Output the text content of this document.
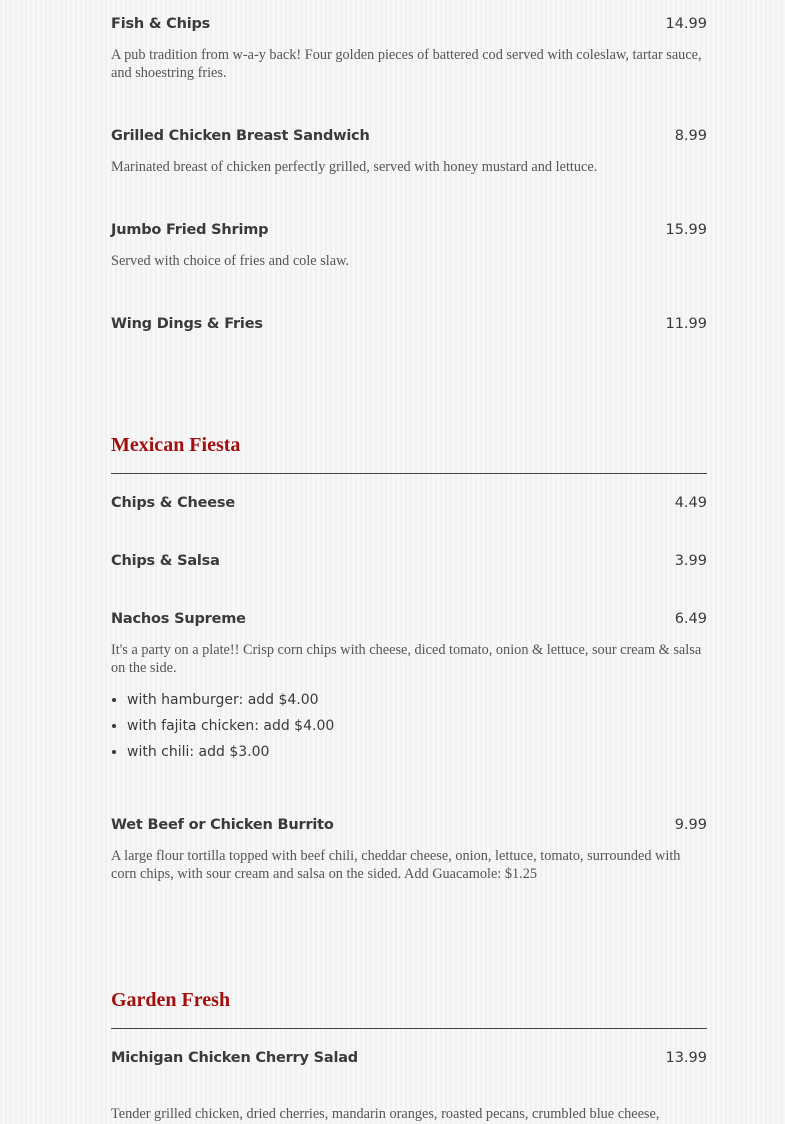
Fish & Chips	14.99
A pub tradition from w-a-y back! Four golden pieces of battered cod served with coleslaw, tartar sauce, and shoestring fries.
Grilled Chicken Breast Sandwich	8.99
Marinated breast of chicken perfectly grilled, served with honey mustard and lettuce.
Jumbo Fried Shrimp	15.99
Served with choice of fries and cole slaw.
Wing Dings & Fries	11.99
Mexican Fiesta
Chips & Cheese	4.49
Chips & Salsa	3.99
Nachos Supreme	6.49
It's a party on a plate!! Crisp corn chips with cheese, diced tomato, onion & lettuce, sour cream & salsa on the side.
• with hamburger: add $4.00
• with fajita chicken: add $4.00
• with chili: add $3.00
Wet Beef or Chicken Burrito	9.99
A large flour tortilla topped with beef chili, cheddar cheese, onion, lettuce, tomato, surrounded with corn chips, with sour cream and salsa on the sided. Add Guacamole: $1.25
Garden Fresh
Michigan Chicken Cherry Salad	13.99
Tender grilled chicken, dried cherries, mandarin oranges, roasted pecans, crumbled blue cheese,
